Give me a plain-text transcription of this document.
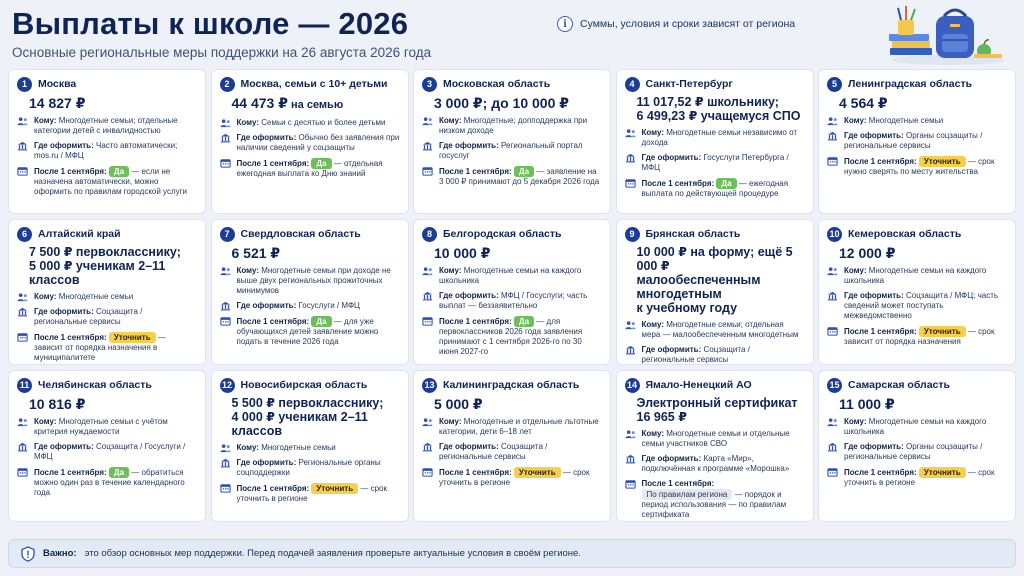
Выплаты к школе — 2026
Основные региональные меры поддержки на 26 августа 2026 года
i	Суммы, условия и сроки зависят от региона
1	Москва
14 827 ₽
Кому: Многодетные семьи; отдельные категории детей с инвалидностью
Где оформить: Часто автоматически; mos.ru / МФЦ
После 1 сентября: Да — если не назначена автоматически, можно оформить по правилам городской услуги
2	Москва, семьи с 10+ детьми
44 473 ₽ на семью
Кому: Семьи с десятью и более детьми
Где оформить: Обычно без заявления при наличии сведений у соцзащиты
После 1 сентября: Да — отдельная ежегодная выплата ко Дню знаний
3	Московская область
3 000 ₽; до 10 000 ₽
Кому: Многодетные; допподдержка при низком доходе
Где оформить: Региональный портал госуслуг
После 1 сентября: Да — заявление на 3 000 ₽ принимают до 5 декабря 2026 года
4	Санкт-Петербург
11 017,52 ₽ школьнику;
6 499,23 ₽ учащемуся СПО
Кому: Многодетные семьи независимо от дохода
Где оформить: Госуслуги Петербурга / МФЦ
После 1 сентября: Да — ежегодная выплата по действующей процедуре
5	Ленинградская область
4 564 ₽
Кому: Многодетные семьи
Где оформить: Органы соцзащиты / региональные сервисы
После 1 сентября: Уточнить — срок нужно сверять по месту жительства
6	Алтайский край
7 500 ₽ первокласснику;
5 000 ₽ ученикам 2–11 классов
Кому: Многодетные семьи
Где оформить: Соцзащита / региональные сервисы
После 1 сентября: Уточнить — зависит от порядка назначения в муниципалитете
7	Свердловская область
6 521 ₽
Кому: Многодетные семьи при доходе не выше двух региональных прожиточных минимумов
Где оформить: Госуслуги / МФЦ
После 1 сентября: Да — для уже обучающихся детей заявление можно подать в течение 2026 года
8	Белгородская область
10 000 ₽
Кому: Многодетные семьи на каждого школьника
Где оформить: МФЦ / Госуслуги; часть выплат — беззаявительно
После 1 сентября: Да — для первоклассников 2026 года заявления принимают с 1 сентября 2026-го по 30 июня 2027-го
9	Брянская область
10 000 ₽ на форму; ещё 5 000 ₽
малообеспеченным многодетным
к учебному году
Кому: Многодетные семьи; отдельная мера — малообеспеченным многодетным
Где оформить: Соцзащита / региональные сервисы
10 Кемеровская область
12 000 ₽
Кому: Многодетные семьи на каждого школьника
Где оформить: Соцзащита / МФЦ; часть сведений может поступать межведомственно
После 1 сентября: Уточнить — срок зависит от порядка назначения
11 Челябинская область
10 816 ₽
Кому: Многодетные семьи с учётом критерия нуждаемости
Где оформить: Соцзащита / Госуслуги / МФЦ
После 1 сентября: Да — обратиться можно один раз в течение календарного года
12 Новосибирская область
5 500 ₽ первокласснику;
4 000 ₽ ученикам 2–11 классов
Кому: Многодетные семьи
Где оформить: Региональные органы соцподдержки
После 1 сентября: Уточнить — срок уточнить в регионе
13 Калининградская область
5 000 ₽
Кому: Многодетные и отдельные льготные категории, дети 6–18 лет
Где оформить: Соцзащита / региональные сервисы
После 1 сентября: Уточнить — срок уточнить в регионе
14 Ямало-Ненецкий АО
Электронный сертификат
16 965 ₽
Кому: Многодетные семьи и отдельные семьи участников СВО
Где оформить: Карта «Мир», подключённая к программе «Морошка»
После 1 сентября: По правилам региона — порядок и период использования — по правилам сертификата
15 Самарская область
11 000 ₽
Кому: Многодетные семьи на каждого школьника
Где оформить: Органы соцзащиты / региональные сервисы
После 1 сентября: Уточнить — срок уточнить в регионе
Важно: это обзор основных мер поддержки. Перед подачей заявления проверьте актуальные условия в своём регионе.
